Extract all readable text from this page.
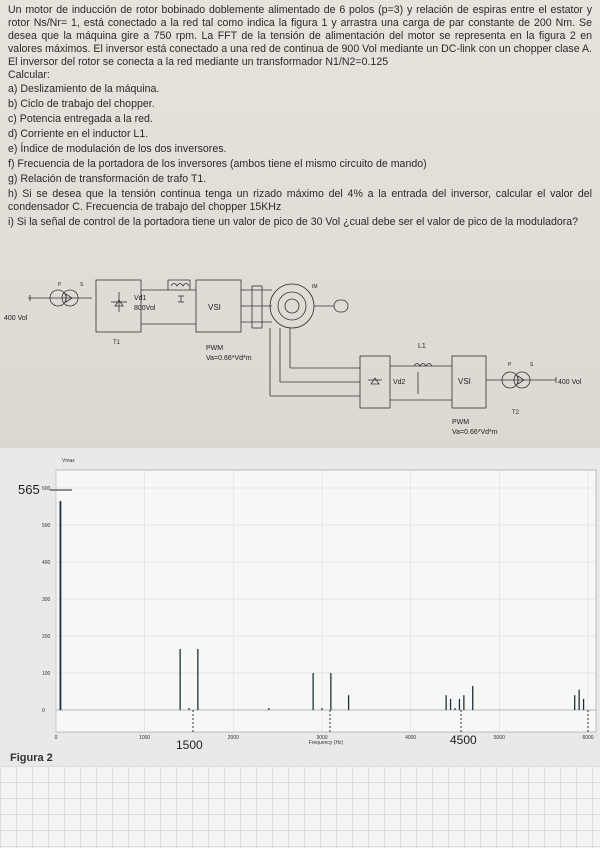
Un motor de inducción de rotor bobinado doblemente alimentado de 6 polos (p=3) y relación de espiras entre el estator y rotor Ns/Nr= 1, está conectado a la red tal como indica la figura 1 y arrastra una carga de par constante de 200 Nm. Se desea que la máquina gire a 750 rpm. La FFT de la tensión de alimentación del motor se representa en la figura 2 en valores máximos. El inversor está conectado a una red de continua de 900 Vol mediante un DC-link con un chopper clase A. El inversor del rotor se conecta a la red mediante un transformador N1/N2=0.125

Calcular:

a) Deslizamiento de la máquina.

b) Ciclo de trabajo del chopper.

c) Potencia entregada a la red.

d) Corriente en el inductor L1.

e) Índice de modulación de los dos inversores.

f) Frecuencia de la portadora de los inversores (ambos tiene el mismo circuito de mando)

g) Relación de transformación de trafo T1.

h) Si se desea que la tensión continua tenga un rizado máximo del 4% a la entrada del inversor, calcular el valor del condensador C. Frecuencia de trabajo del chopper 15KHz

i) Si la señal de control de la portadora tiene un valor de pico de 30 Vol ¿cual debe ser el valor de pico de la moduladora?

400 Vol
P	S
T1
Vd1
800Vol	VSI
IM
PWM
Va=0.66*Vd*m
L1
Vd2	VSI
P	S
400 Vol
T2
PWM
Va=0.66*Vd*m
0
100
200
300
400
500
600
0	1000	2000	3000	4000	5000	6000
Vmax
Frequency (Hz)
565
1500	4500
Figura 2
